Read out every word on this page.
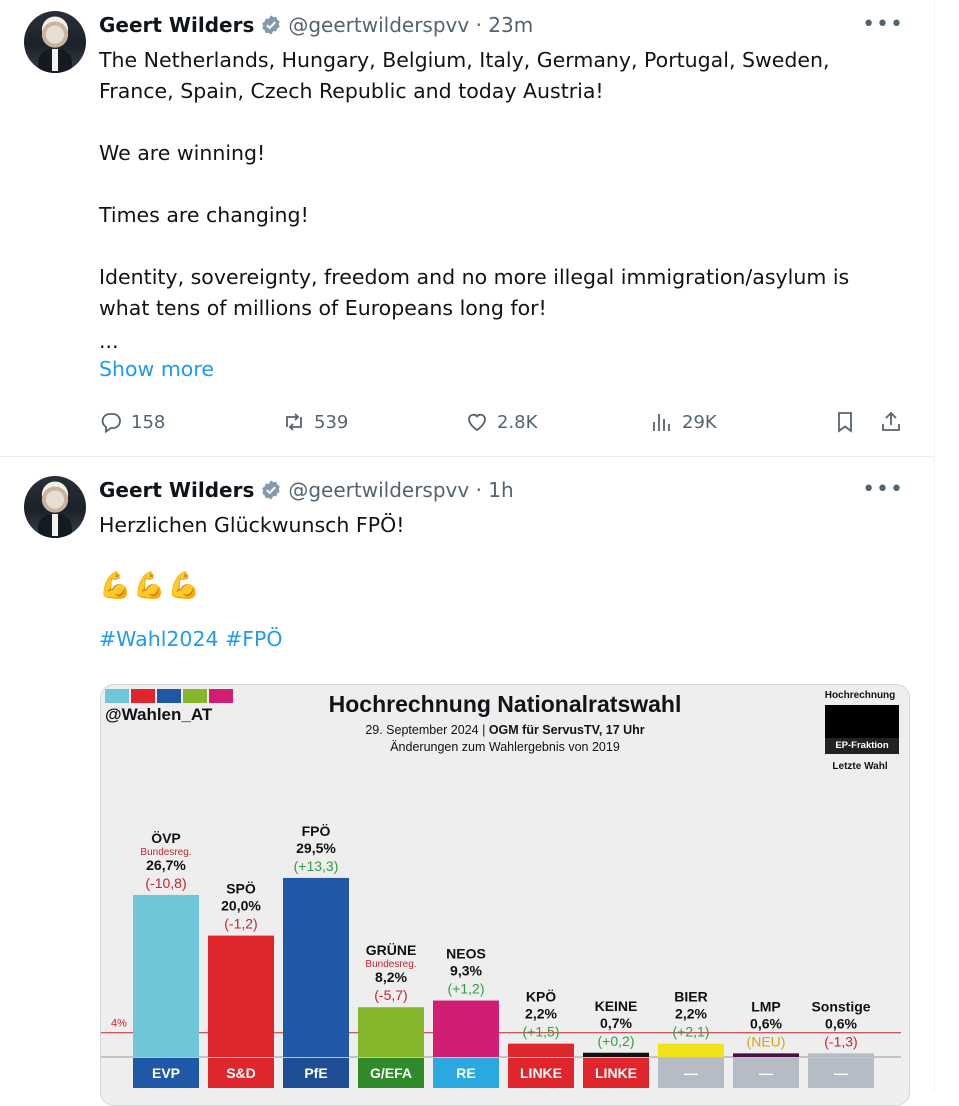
Geert Wilders @geertwilderspvv · 23m	•••

The Netherlands, Hungary, Belgium, Italy, Germany, Portugal, Sweden, France, Spain, Czech Republic and today Austria!

We are winning!

Times are changing!

Identity, sovereignty, freedom and no more illegal immigration/asylum is what tens of millions of Europeans long for!

...

Show more

158	539	2.8K	29K
Geert Wilders @geertwilderspvv · 1h	•••

Herzlichen Glückwunsch FPÖ!

💪💪💪

#Wahl2024 #FPÖ

@Wahlen_AT	Hochrechnung Nationalratswahl
29. September 2024 | OGM für ServusTV, 17 Uhr
Änderungen zum Wahlergebnis von 2019
Hochrechnung
EP-Fraktion
Letzte Wahl
4%
EVP
(-10,8)
26,7%
Bundesreg.
ÖVP
S&D
(-1,2)
20,0%
SPÖ
PfE
(+13,3)
29,5%
FPÖ
G/EFA
(-5,7)
8,2%
Bundesreg.
GRÜNE
RE
(+1,2)
9,3%
NEOS
LINKE
(+1,5)
2,2%
KPÖ
LINKE
(+0,2)
0,7%
KEINE
—
(+2,1)
2,2%
BIER
—
(NEU)
0,6%
LMP
—
(-1,3)
0,6%
Sonstige
